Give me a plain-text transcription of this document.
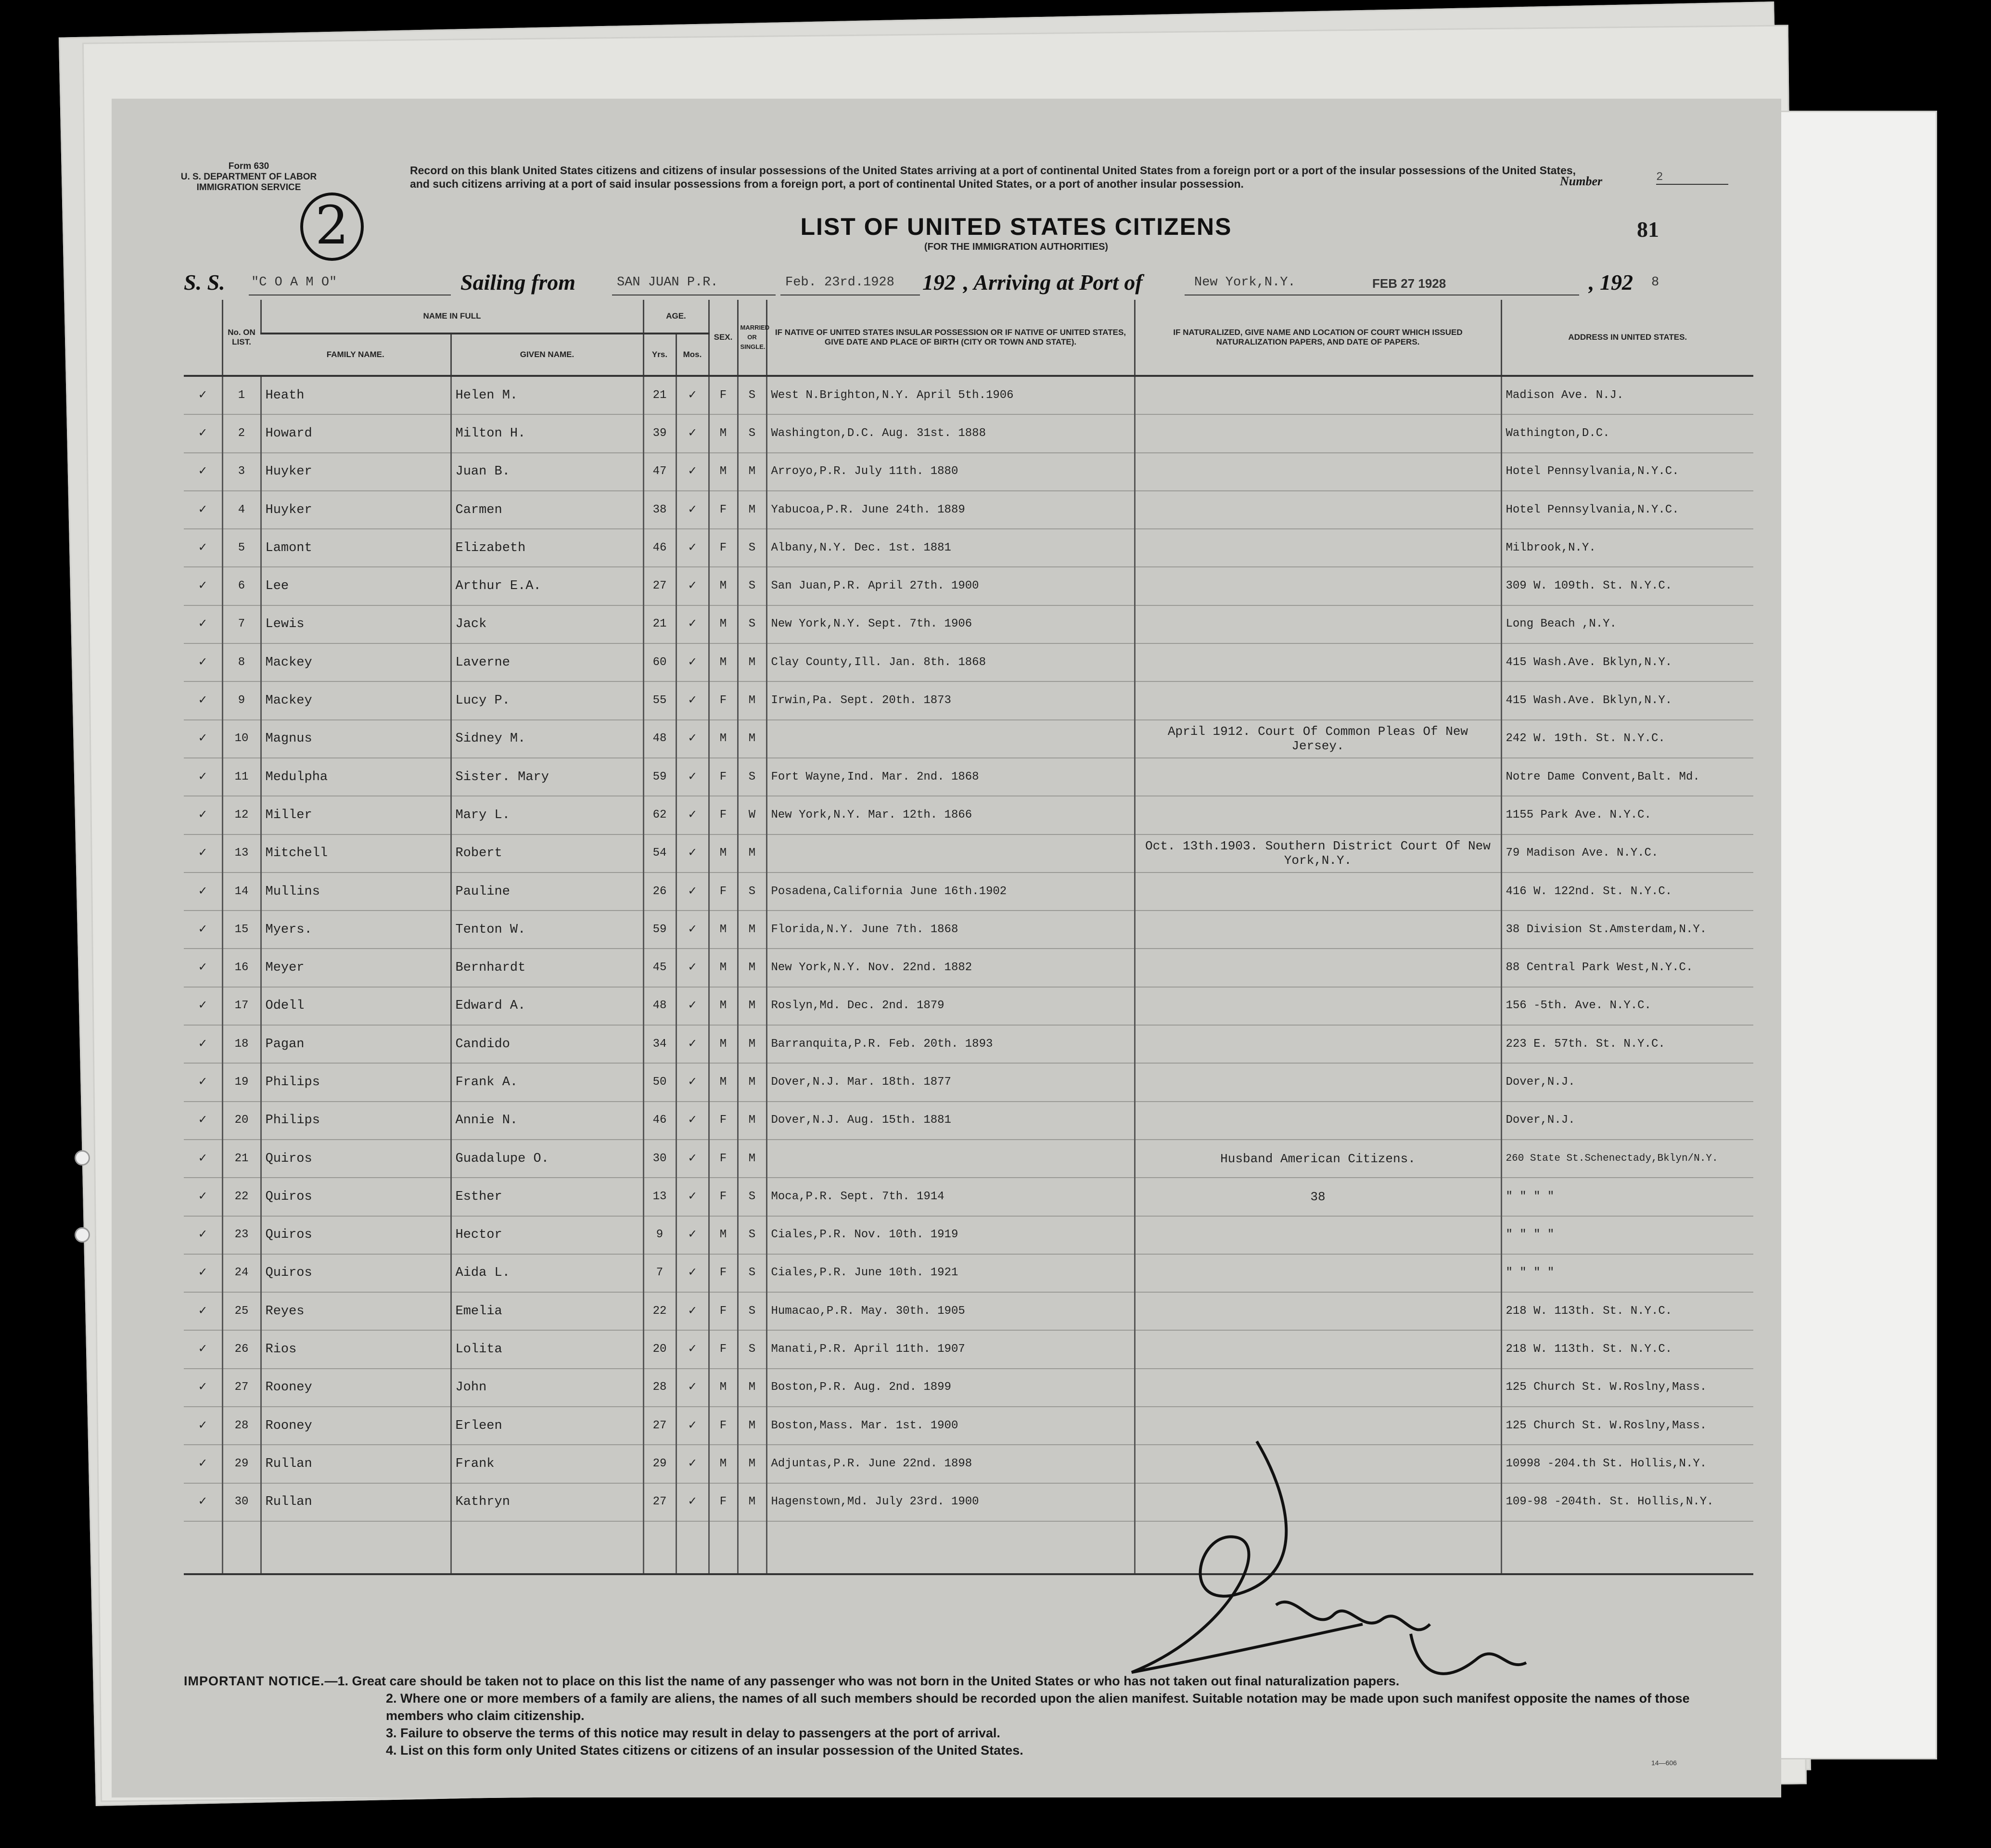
Form 630
U. S. DEPARTMENT OF LABOR
IMMIGRATION SERVICE
2
Record on this blank United States citizens and citizens of insular possessions of the United States arriving at a port of continental United States from a foreign port or a port of the insular possessions of the United States, and such citizens arriving at a port of said insular possessions from a foreign port, a port of continental United States, or a port of another insular possession.	Number	2
LIST OF UNITED STATES CITIZENS
(FOR THE IMMIGRATION AUTHORITIES)
81
S. S. "C O A M O"	Sailing from	SAN JUAN P.R.	Feb. 23rd.1928 192 , Arriving at Port of	New York,N.Y.	FEB 27 1928	, 192 8
	No. ON LIST.	NAME IN FULL		AGE.		SEX.	MARRIED OR SINGLE.	IF NATIVE OF UNITED STATES INSULAR POSSESSION OR IF NATIVE OF UNITED STATES, GIVE DATE AND PLACE OF BIRTH (CITY OR TOWN AND STATE).	IF NATURALIZED, GIVE NAME AND LOCATION OF COURT WHICH ISSUED NATURALIZATION PAPERS, AND DATE OF PAPERS.	ADDRESS IN UNITED STATES.
		FAMILY NAME.	GIVEN NAME.	Yrs.	Mos.					
✓	1	Heath	Helen M.	21	✓	F	S	West N.Brighton,N.Y. April 5th.1906		Madison Ave. N.J.
✓	2	Howard	Milton H.	39	✓	M	S	Washington,D.C. Aug. 31st. 1888		Wathington,D.C.
✓	3	Huyker	Juan B.	47	✓	M	M	Arroyo,P.R. July 11th. 1880		Hotel Pennsylvania,N.Y.C.
✓	4	Huyker	Carmen	38	✓	F	M	Yabucoa,P.R. June 24th. 1889		Hotel Pennsylvania,N.Y.C.
✓	5	Lamont	Elizabeth	46	✓	F	S	Albany,N.Y. Dec. 1st. 1881		Milbrook,N.Y.
✓	6	Lee	Arthur E.A.	27	✓	M	S	San Juan,P.R. April 27th. 1900		309 W. 109th. St. N.Y.C.
✓	7	Lewis	Jack	21	✓	M	S	New York,N.Y. Sept. 7th. 1906		Long Beach ,N.Y.
✓	8	Mackey	Laverne	60	✓	M	M	Clay County,Ill. Jan. 8th. 1868		415 Wash.Ave. Bklyn,N.Y.
✓	9	Mackey	Lucy P.	55	✓	F	M	Irwin,Pa. Sept. 20th. 1873		415 Wash.Ave. Bklyn,N.Y.
✓	10	Magnus	Sidney M.	48	✓	M	M		April 1912. Court Of Common Pleas Of New Jersey.	242 W. 19th. St. N.Y.C.
✓	11	Medulpha	Sister. Mary	59	✓	F	S	Fort Wayne,Ind. Mar. 2nd. 1868		Notre Dame Convent,Balt. Md.
✓	12	Miller	Mary L.	62	✓	F	W	New York,N.Y. Mar. 12th. 1866		1155 Park Ave. N.Y.C.
✓	13	Mitchell	Robert	54	✓	M	M		Oct. 13th.1903. Southern District Court Of New York,N.Y.	79 Madison Ave. N.Y.C.
✓	14	Mullins	Pauline	26	✓	F	S	Posadena,California June 16th.1902		416 W. 122nd. St. N.Y.C.
✓	15	Myers.	Tenton W.	59	✓	M	M	Florida,N.Y. June 7th. 1868		38 Division St.Amsterdam,N.Y.
✓	16	Meyer	Bernhardt	45	✓	M	M	New York,N.Y. Nov. 22nd. 1882		88 Central Park West,N.Y.C.
✓	17	Odell	Edward A.	48	✓	M	M	Roslyn,Md. Dec. 2nd. 1879		156 -5th. Ave. N.Y.C.
✓	18	Pagan	Candido	34	✓	M	M	Barranquita,P.R. Feb. 20th. 1893		223 E. 57th. St. N.Y.C.
✓	19	Philips	Frank A.	50	✓	M	M	Dover,N.J. Mar. 18th. 1877		Dover,N.J.
✓	20	Philips	Annie N.	46	✓	F	M	Dover,N.J. Aug. 15th. 1881		Dover,N.J.
✓	21	Quiros	Guadalupe O.	30	✓	F	M		Husband American Citizens.	260 State St.Schenectady,Bklyn/N.Y.
✓	22	Quiros	Esther	13	✓	F	S	Moca,P.R. Sept. 7th. 1914	38	" " " "
✓	23	Quiros	Hector	9	✓	M	S	Ciales,P.R. Nov. 10th. 1919		" " " "
✓	24	Quiros	Aida L.	7	✓	F	S	Ciales,P.R. June 10th. 1921		" " " "
✓	25	Reyes	Emelia	22	✓	F	S	Humacao,P.R. May. 30th. 1905		218 W. 113th. St. N.Y.C.
✓	26	Rios	Lolita	20	✓	F	S	Manati,P.R. April 11th. 1907		218 W. 113th. St. N.Y.C.
✓	27	Rooney	John	28	✓	M	M	Boston,P.R. Aug. 2nd. 1899		125 Church St. W.Roslny,Mass.
✓	28	Rooney	Erleen	27	✓	F	M	Boston,Mass. Mar. 1st. 1900		125 Church St. W.Roslny,Mass.
✓	29	Rullan	Frank	29	✓	M	M	Adjuntas,P.R. June 22nd. 1898		10998 -204.th St. Hollis,N.Y.
✓	30	Rullan	Kathryn	27	✓	F	M	Hagenstown,Md. July 23rd. 1900		109-98 -204th. St. Hollis,N.Y.

IMPORTANT NOTICE.—1. Great care should be taken not to place on this list the name of any passenger who was not born in the United States or who has not taken out final naturalization papers.
2. Where one or more members of a family are aliens, the names of all such members should be recorded upon the alien manifest. Suitable notation may be made upon such manifest opposite the names of those members who claim citizenship.
3. Failure to observe the terms of this notice may result in delay to passengers at the port of arrival.
4. List on this form only United States citizens or citizens of an insular possession of the United States.
14—606
